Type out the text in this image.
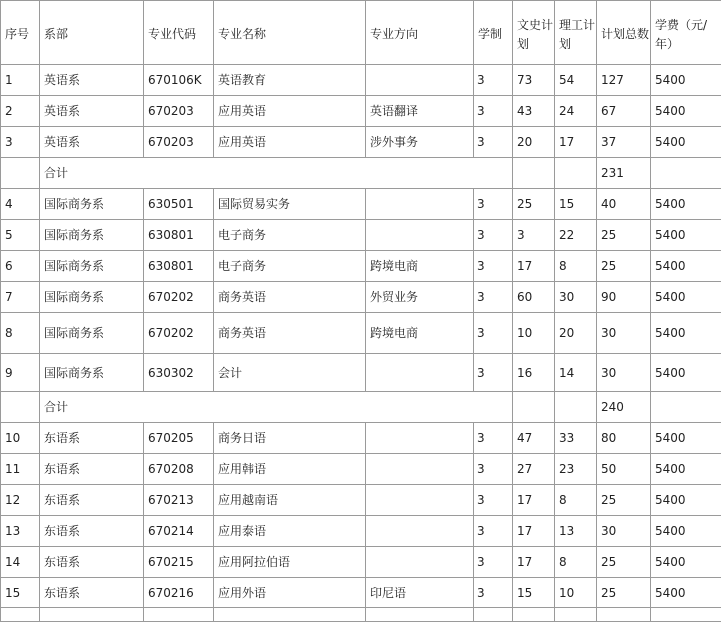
序号	系部	专业代码	专业名称	专业方向	学制	文史计划	理工计划	计划总数	学费（元/年）
1	英语系	670106K	英语教育		3	73	54	127	5400
2	英语系	670203	应用英语	英语翻译	3	43	24	67	5400
3	英语系	670203	应用英语	涉外事务	3	20	17	37	5400
	合计							231	
4	国际商务系	630501	国际贸易实务		3	25	15	40	5400
5	国际商务系	630801	电子商务		3	3	22	25	5400
6	国际商务系	630801	电子商务	跨境电商	3	17	8	25	5400
7	国际商务系	670202	商务英语	外贸业务	3	60	30	90	5400
8	国际商务系	670202	商务英语	跨境电商	3	10	20	30	5400
9	国际商务系	630302	会计		3	16	14	30	5400
	合计							240	
10	东语系	670205	商务日语		3	47	33	80	5400
11	东语系	670208	应用韩语		3	27	23	50	5400
12	东语系	670213	应用越南语		3	17	8	25	5400
13	东语系	670214	应用泰语		3	17	13	30	5400
14	东语系	670215	应用阿拉伯语		3	17	8	25	5400
15	东语系	670216	应用外语	印尼语	3	15	10	25	5400
